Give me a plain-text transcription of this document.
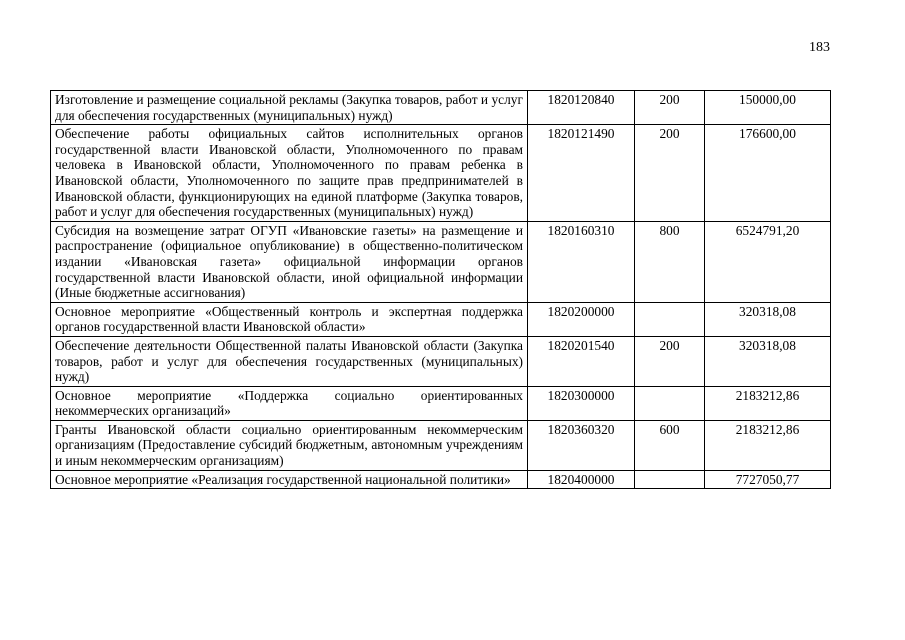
183
Изготовление и размещение социальной рекламы (Закупка товаров, работ и услуг для обеспечения государственных (муниципальных) нужд)	1820120840	200	150000,00
Обеспечение работы официальных сайтов исполнительных органов государственной власти Ивановской области, Уполномоченного по правам человека в Ивановской области, Уполномоченного по правам ребенка в Ивановской области, Уполномоченного по защите прав предпринимателей в Ивановской области, функционирующих на единой платформе (Закупка товаров, работ и услуг для обеспечения государственных (муниципальных) нужд)	1820121490	200	176600,00
Субсидия на возмещение затрат ОГУП «Ивановские газеты» на размещение и распространение (официальное опубликование) в общественно-политическом издании «Ивановская газета» официальной информации органов государственной власти Ивановской области, иной официальной информации (Иные бюджетные ассигнования)	1820160310	800	6524791,20
Основное мероприятие «Общественный контроль и экспертная поддержка органов государственной власти Ивановской области»	1820200000		320318,08
Обеспечение деятельности Общественной палаты Ивановской области (Закупка товаров, работ и услуг для обеспечения государственных (муниципальных) нужд)	1820201540	200	320318,08
Основное мероприятие «Поддержка социально ориентированных некоммерческих организаций»	1820300000		2183212,86
Гранты Ивановской области социально ориентированным некоммерческим организациям (Предоставление субсидий бюджетным, автономным учреждениям и иным некоммерческим организациям)	1820360320	600	2183212,86
Основное мероприятие «Реализация государственной национальной политики»	1820400000		7727050,77
